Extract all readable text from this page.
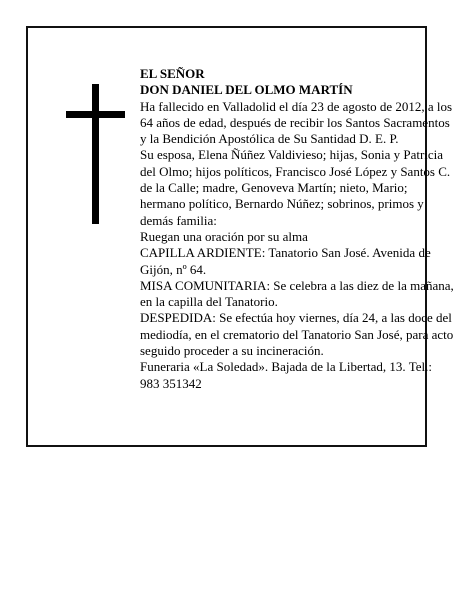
EL SEÑOR

DON DANIEL DEL OLMO MARTÍN

Ha fallecido en Valladolid el día 23 de agosto de 2012, a los 64 años de edad, después de recibir los Santos Sacramentos y la Bendición Apostólica de Su Santidad D. E. P.

Su esposa, Elena Ñúñez Valdivieso; hijas, Sonia y Patricia del Olmo; hijos políticos, Francisco José López y Santos C. de la Calle; madre, Genoveva Martín; nieto, Mario; hermano político, Bernardo Núñez; sobrinos, primos y demás familia:

Ruegan una oración por su alma

CAPILLA ARDIENTE: Tanatorio San José. Avenida de Gijón, nº 64.

MISA COMUNITARIA: Se celebra a las diez de la mañana, en la capilla del Tanatorio.

DESPEDIDA: Se efectúa hoy viernes, día 24, a las doce del mediodía, en el crematorio del Tanatorio San José, para acto seguido proceder a su incineración.

Funeraria «La Soledad». Bajada de la Libertad, 13. Tel.: 983 351342
